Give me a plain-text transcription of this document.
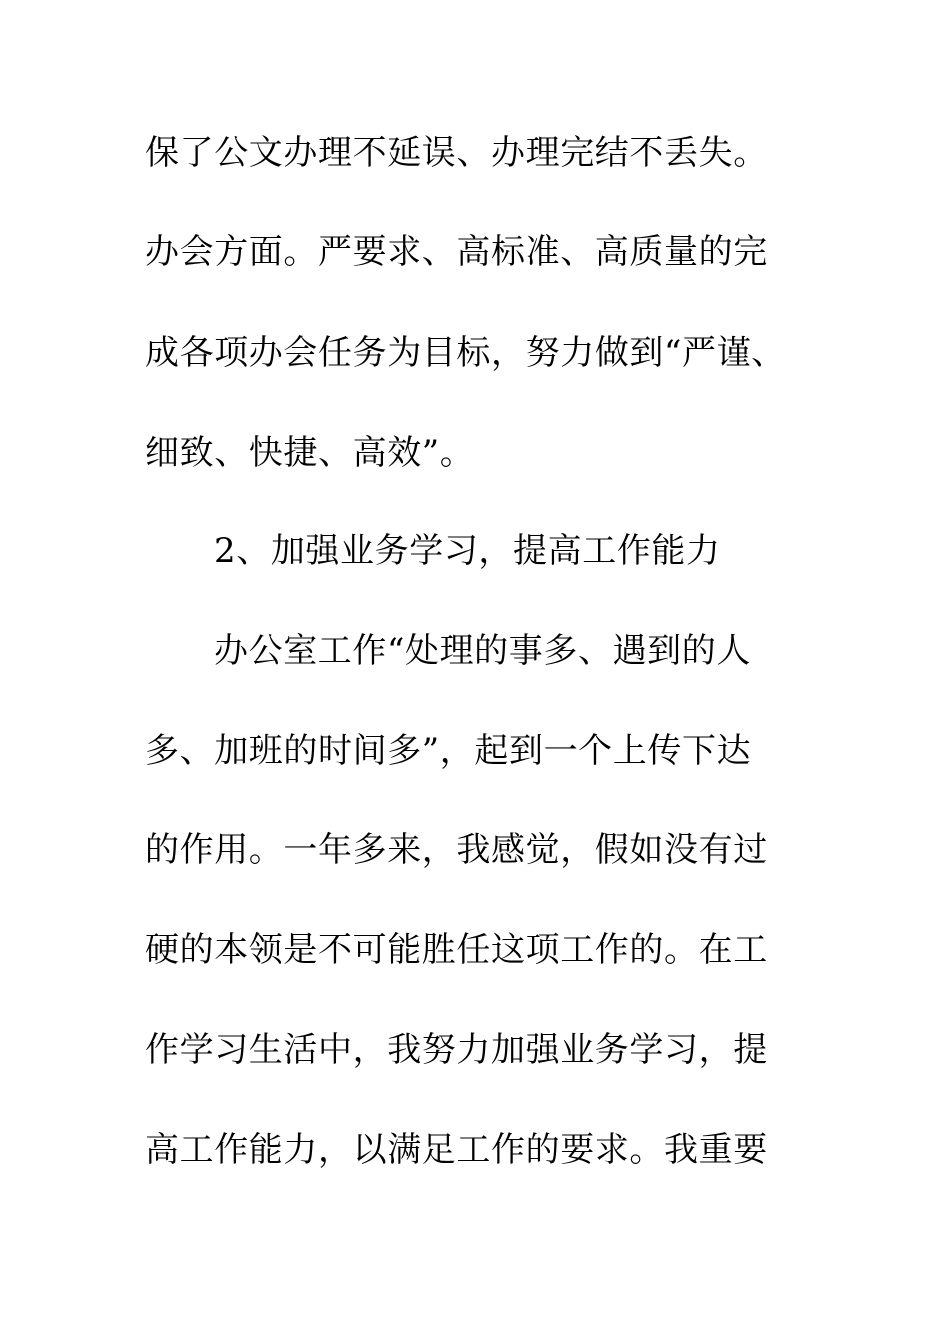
保了公文办理不延误、办理完结不丢失。
办会方面。严要求、高标准、高质量的完
成各项办会任务为目标，努力做到“严谨、
细致、快捷、高效”。
2、加强业务学习，提高工作能力
办公室工作“处理的事多、遇到的人
多、加班的时间多”，起到一个上传下达
的作用。一年多来，我感觉，假如没有过
硬的本领是不可能胜任这项工作的。在工
作学习生活中，我努力加强业务学习，提
高工作能力，以满足工作的要求。我重要
